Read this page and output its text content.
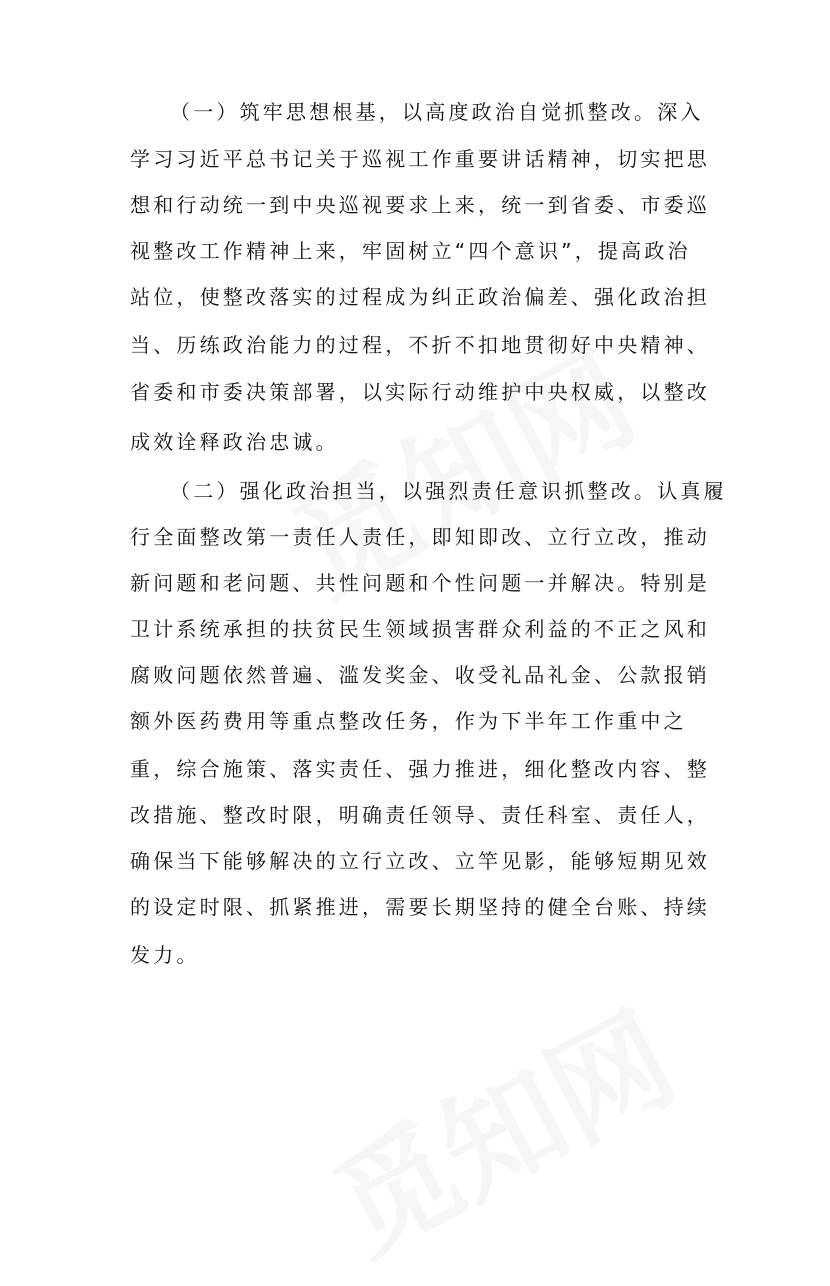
（一）筑牢思想根基，以高度政治自觉抓整改。深入
学习习近平总书记关于巡视工作重要讲话精神，切实把思
想和行动统一到中央巡视要求上来，统一到省委、市委巡
视整改工作精神上来，牢固树立“四个意识”，提高政治
站位，使整改落实的过程成为纠正政治偏差、强化政治担
当、历练政治能力的过程，不折不扣地贯彻好中央精神、
省委和市委决策部署，以实际行动维护中央权威，以整改
成效诠释政治忠诚。
（二）强化政治担当，以强烈责任意识抓整改。认真履
行全面整改第一责任人责任，即知即改、立行立改，推动
新问题和老问题、共性问题和个性问题一并解决。特别是
卫计系统承担的扶贫民生领域损害群众利益的不正之风和
腐败问题依然普遍、滥发奖金、收受礼品礼金、公款报销
额外医药费用等重点整改任务，作为下半年工作重中之
重，综合施策、落实责任、强力推进，细化整改内容、整
改措施、整改时限，明确责任领导、责任科室、责任人，
确保当下能够解决的立行立改、立竿见影，能够短期见效
的设定时限、抓紧推进，需要长期坚持的健全台账、持续
发力。
